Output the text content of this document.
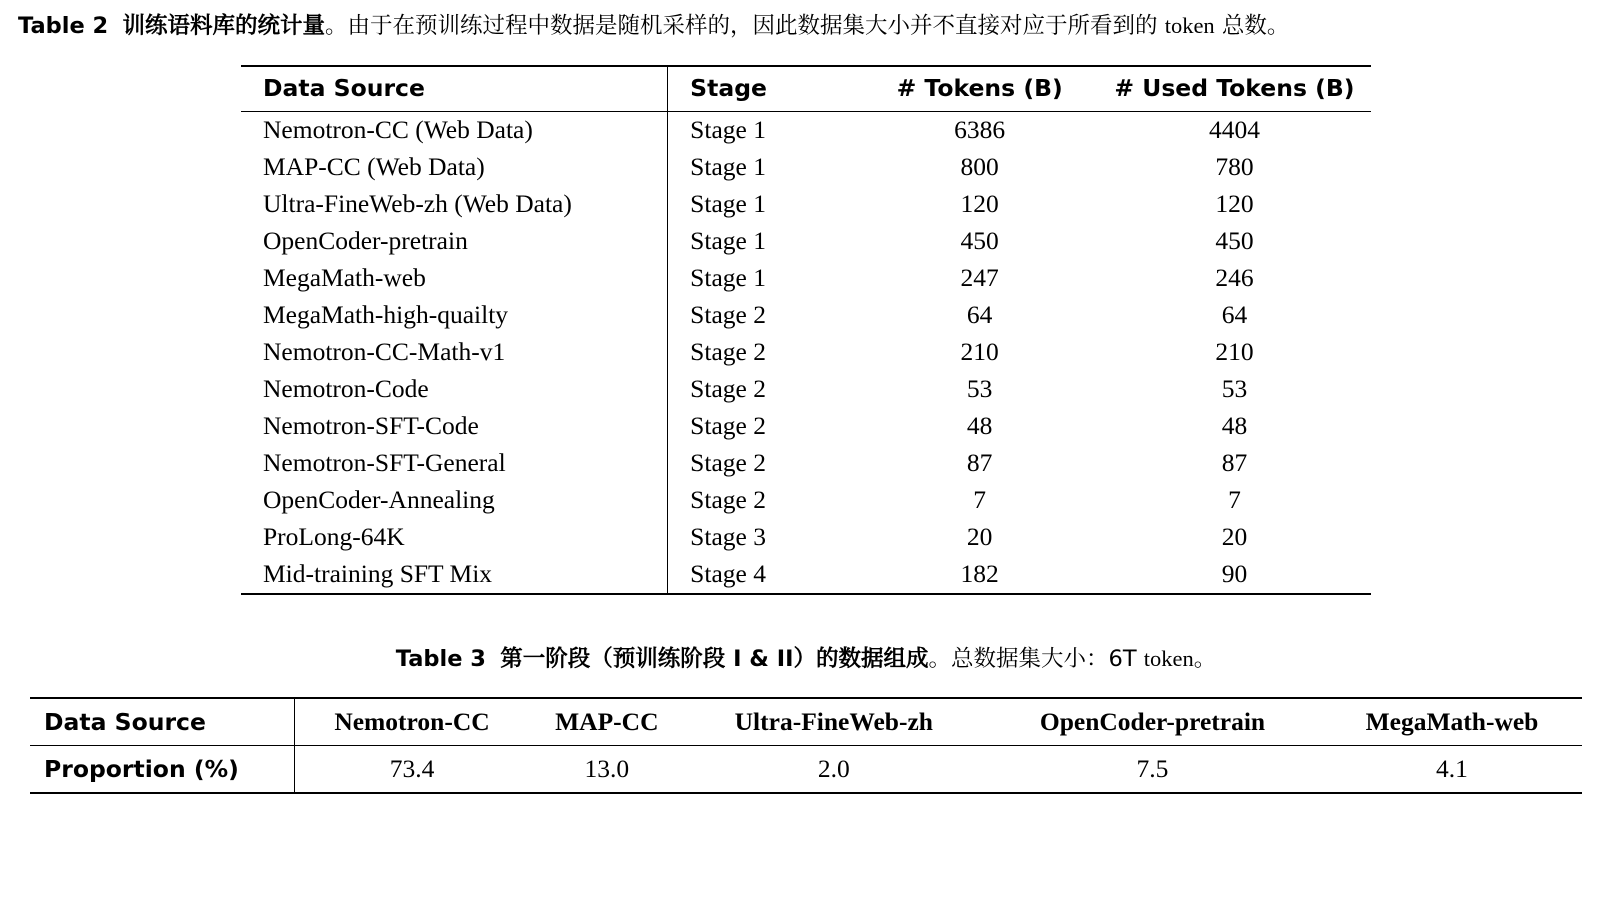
Table 2 训练语料库的统计量。由于在预训练过程中数据是随机采样的，因此数据集大小并不直接对应于所看到的 token 总数。
Data Source	Stage	# Tokens (B)	# Used Tokens (B)
Nemotron-CC (Web Data)	Stage 1	6386	4404
MAP-CC (Web Data)	Stage 1	800	780
Ultra-FineWeb-zh (Web Data)	Stage 1	120	120
OpenCoder-pretrain	Stage 1	450	450
MegaMath-web	Stage 1	247	246
MegaMath-high-quailty	Stage 2	64	64
Nemotron-CC-Math-v1	Stage 2	210	210
Nemotron-Code	Stage 2	53	53
Nemotron-SFT-Code	Stage 2	48	48
Nemotron-SFT-General	Stage 2	87	87
OpenCoder-Annealing	Stage 2	7	7
ProLong-64K	Stage 3	20	20
Mid-training SFT Mix	Stage 4	182	90
Table 3 第一阶段（预训练阶段 I & II）的数据组成。总数据集大小：6T token。
Data Source	Nemotron-CC	MAP-CC	Ultra-FineWeb-zh	OpenCoder-pretrain	MegaMath-web
Proportion (%)	73.4	13.0	2.0	7.5	4.1
